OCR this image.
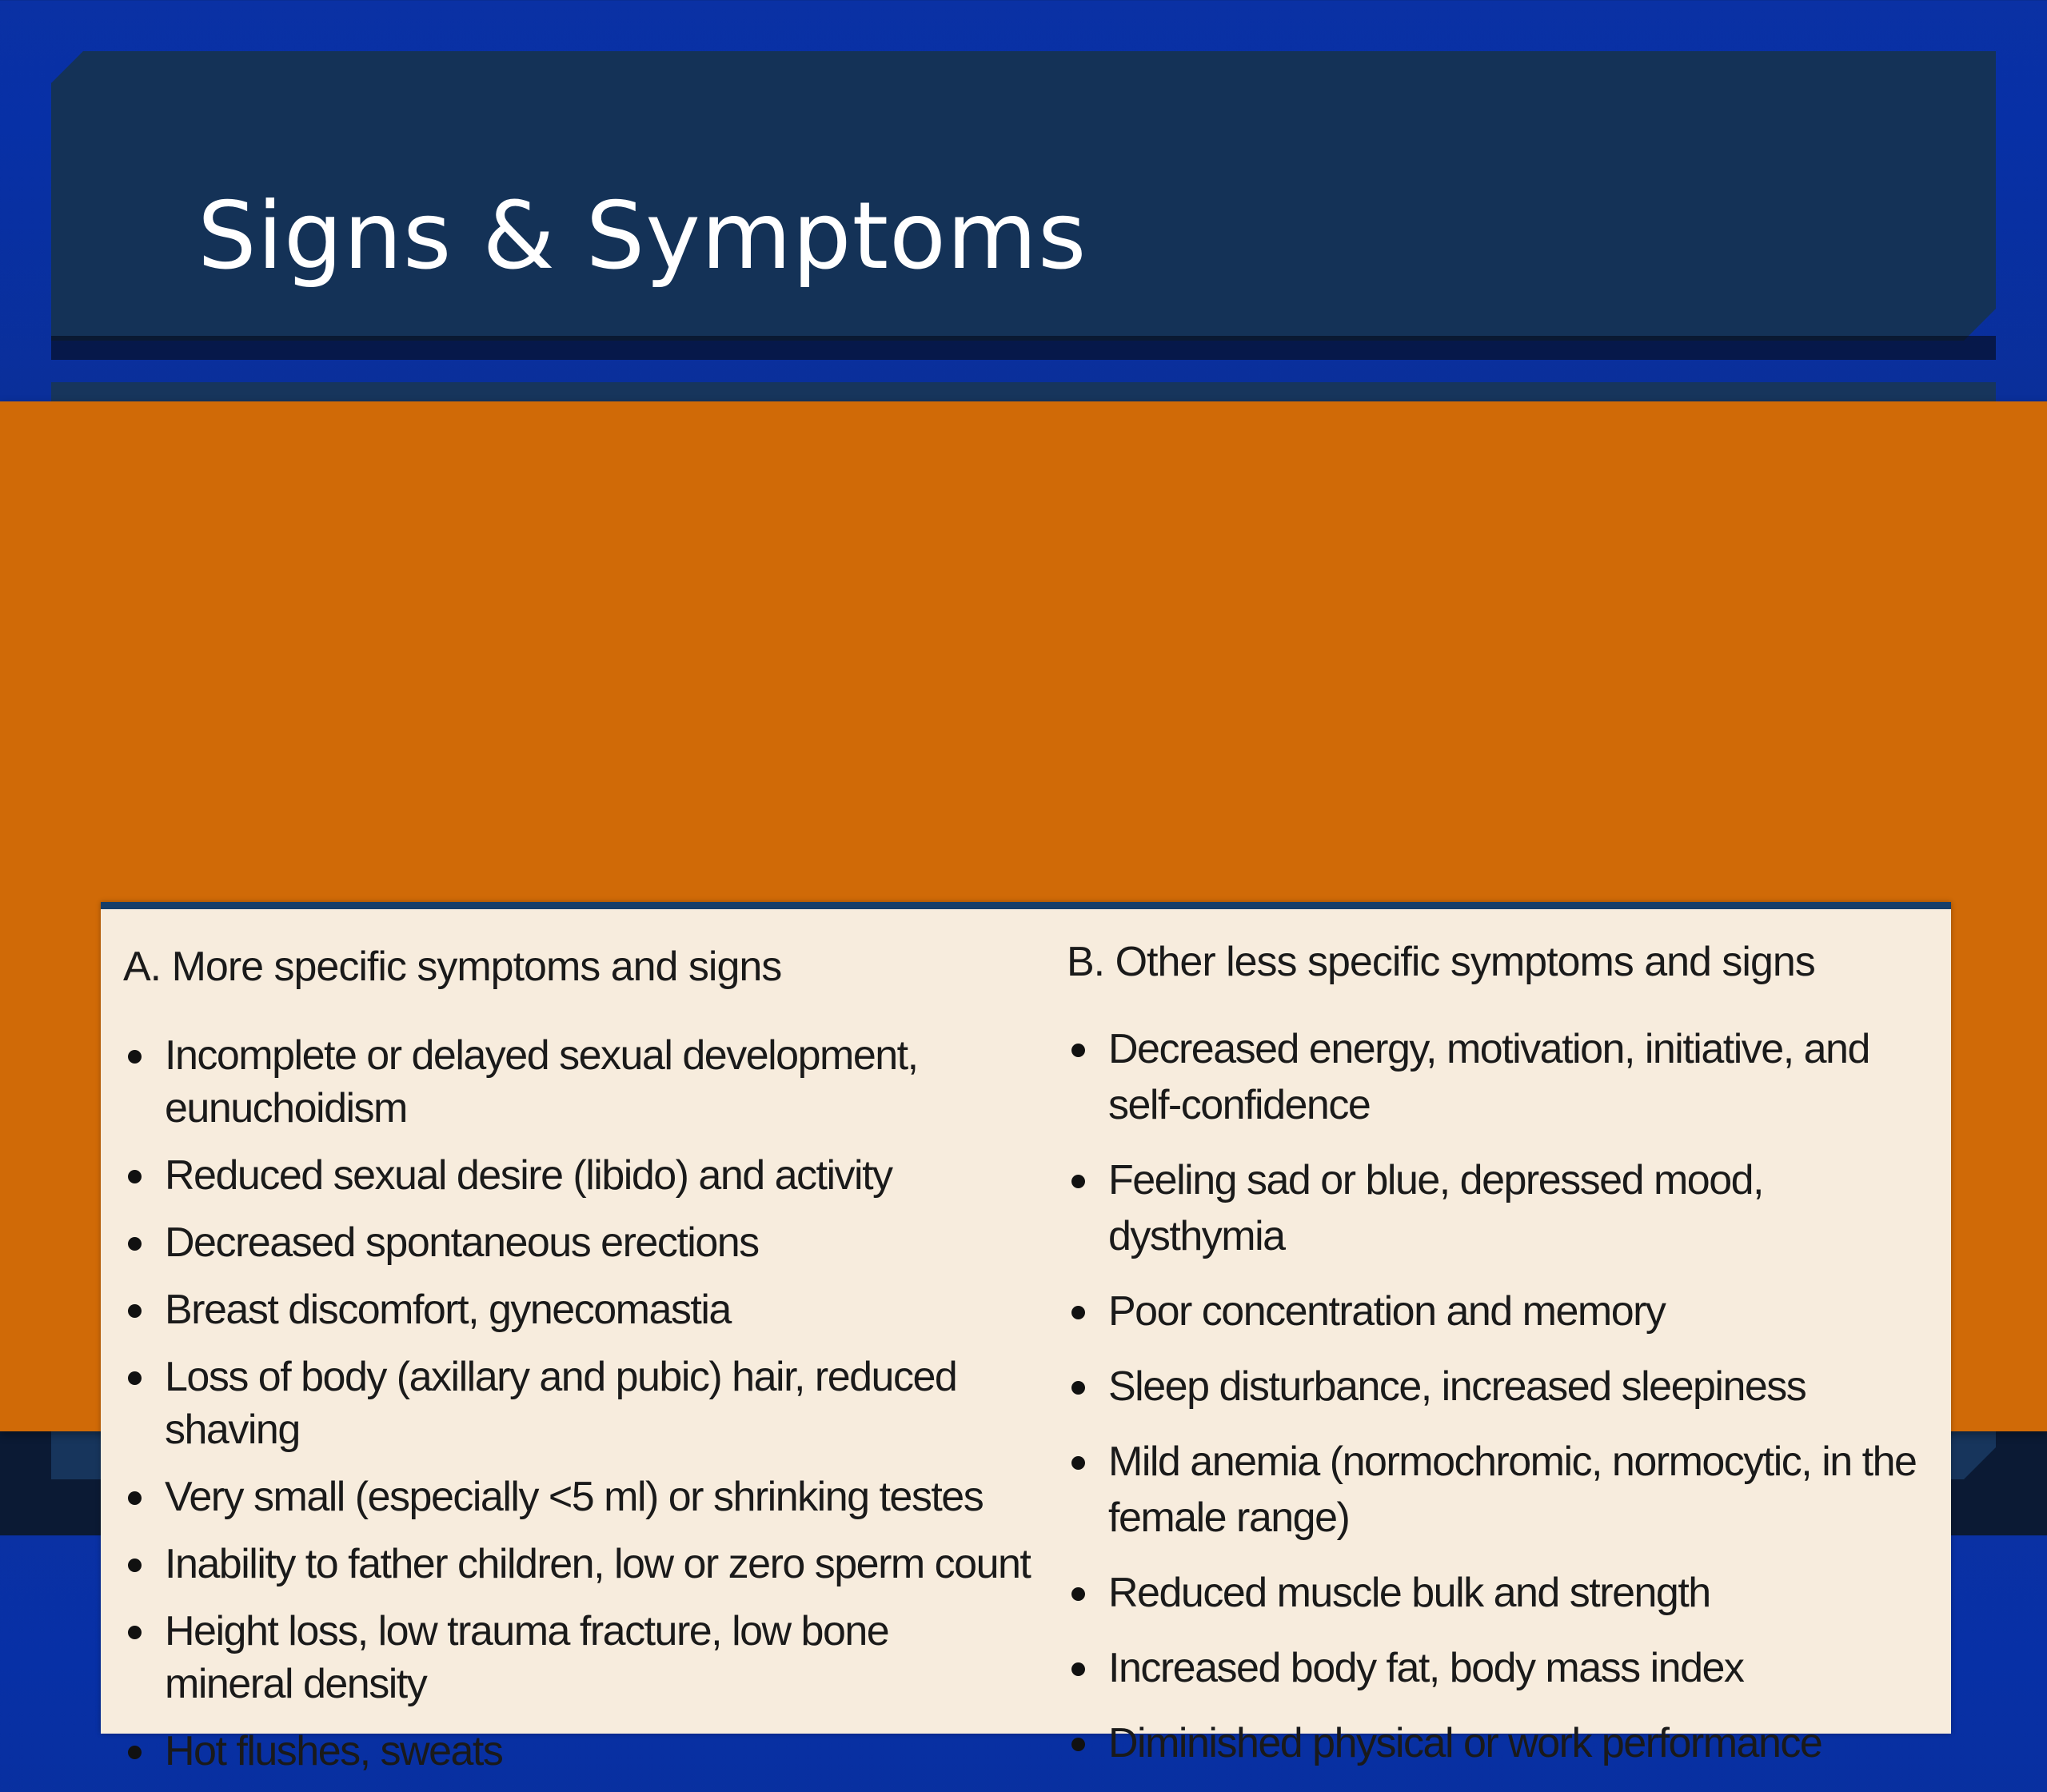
Signs & Symptoms
A. More specific symptoms and signs
Incomplete or delayed sexual development, eunuchoidism
Reduced sexual desire (libido) and activity
Decreased spontaneous erections
Breast discomfort, gynecomastia
Loss of body (axillary and pubic) hair, reduced shaving
Very small (especially <5 ml) or shrinking testes
Inability to father children, low or zero sperm count
Height loss, low trauma fracture, low bone mineral density
Hot flushes, sweats
B. Other less specific symptoms and signs
Decreased energy, motivation, initiative, and self-confidence
Feeling sad or blue, depressed mood, dysthymia
Poor concentration and memory
Sleep disturbance, increased sleepiness
Mild anemia (normochromic, normocytic, in the female range)
Reduced muscle bulk and strength
Increased body fat, body mass index
Diminished physical or work performance
